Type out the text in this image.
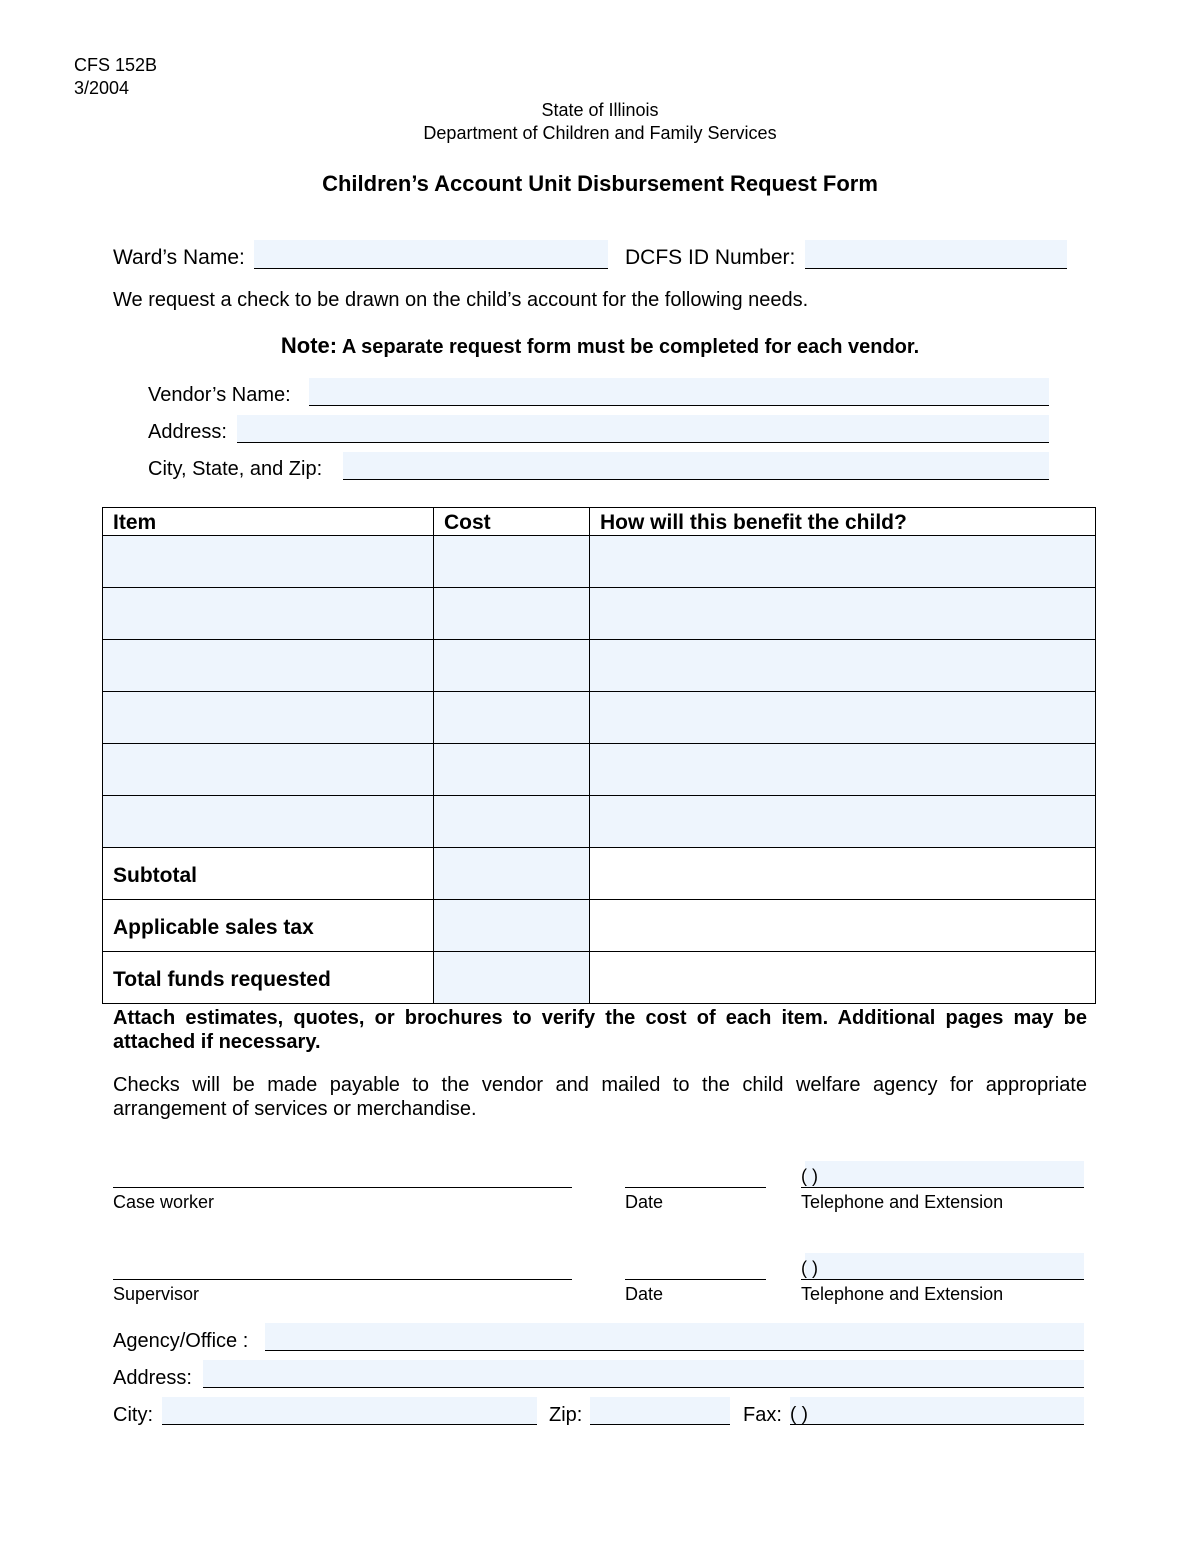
CFS 152B
3/2004
State of Illinois
Department of Children and Family Services
Children’s Account Unit Disbursement Request Form
Ward’s Name:	DCFS ID Number:
We request a check to be drawn on the child’s account for the following needs.
Note: A separate request form must be completed for each vendor.
Vendor’s Name:
Address:
City, State, and Zip:
Item	Cost	How will this benefit the child?

Subtotal		
Applicable sales tax		
Total funds requested		
Attach estimates, quotes, or brochures to verify the cost of each item. Additional pages may be attached if necessary.
Checks will be made payable to the vendor and mailed to the child welfare agency for appropriate arrangement of services or merchandise.
Case worker	Date
( )
Telephone and Extension
Supervisor	Date
( )
Telephone and Extension
Agency/Office :
Address:
City:	Zip:	Fax: ( )
